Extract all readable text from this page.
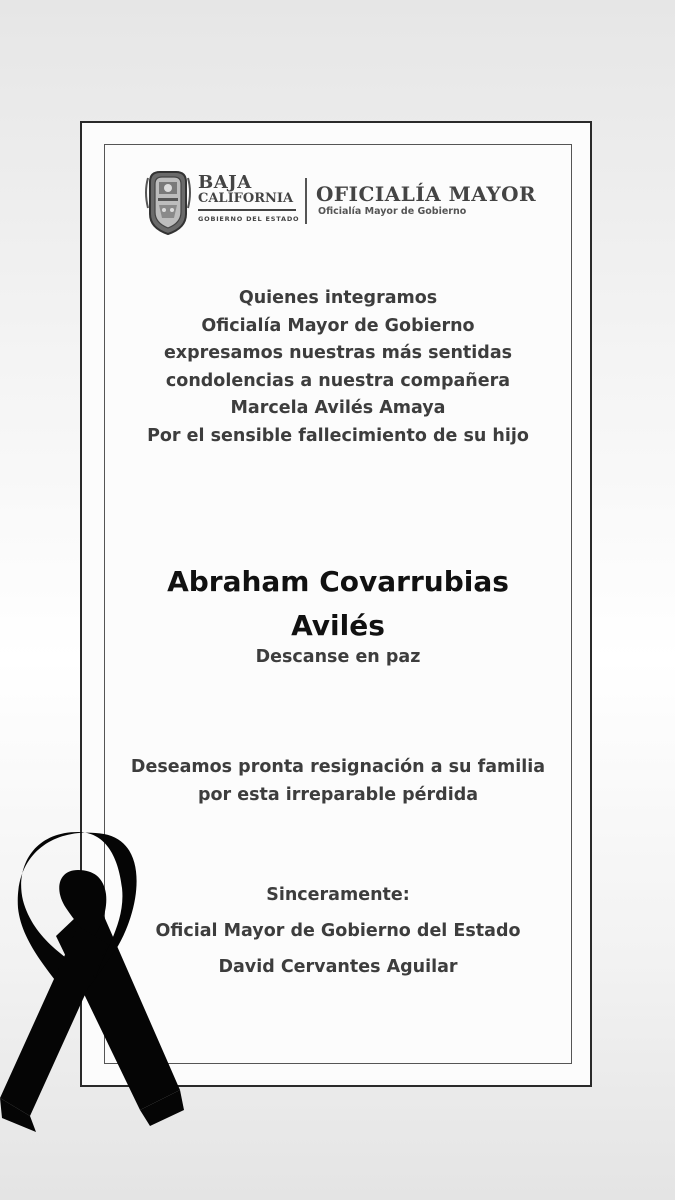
BAJA
CALIFORNIA
GOBIERNO DEL ESTADO
OFICIALÍA MAYOR
Oficialía Mayor de Gobierno
Quienes integramos
Oficialía Mayor de Gobierno
expresamos nuestras más sentidas
condolencias a nuestra compañera
Marcela Avilés Amaya
Por el sensible fallecimiento de su hijo
Abraham Covarrubias
Avilés
Descanse en paz
Deseamos pronta resignación a su familia
por esta irreparable pérdida
Sinceramente:
Oficial Mayor de Gobierno del Estado
David Cervantes Aguilar
